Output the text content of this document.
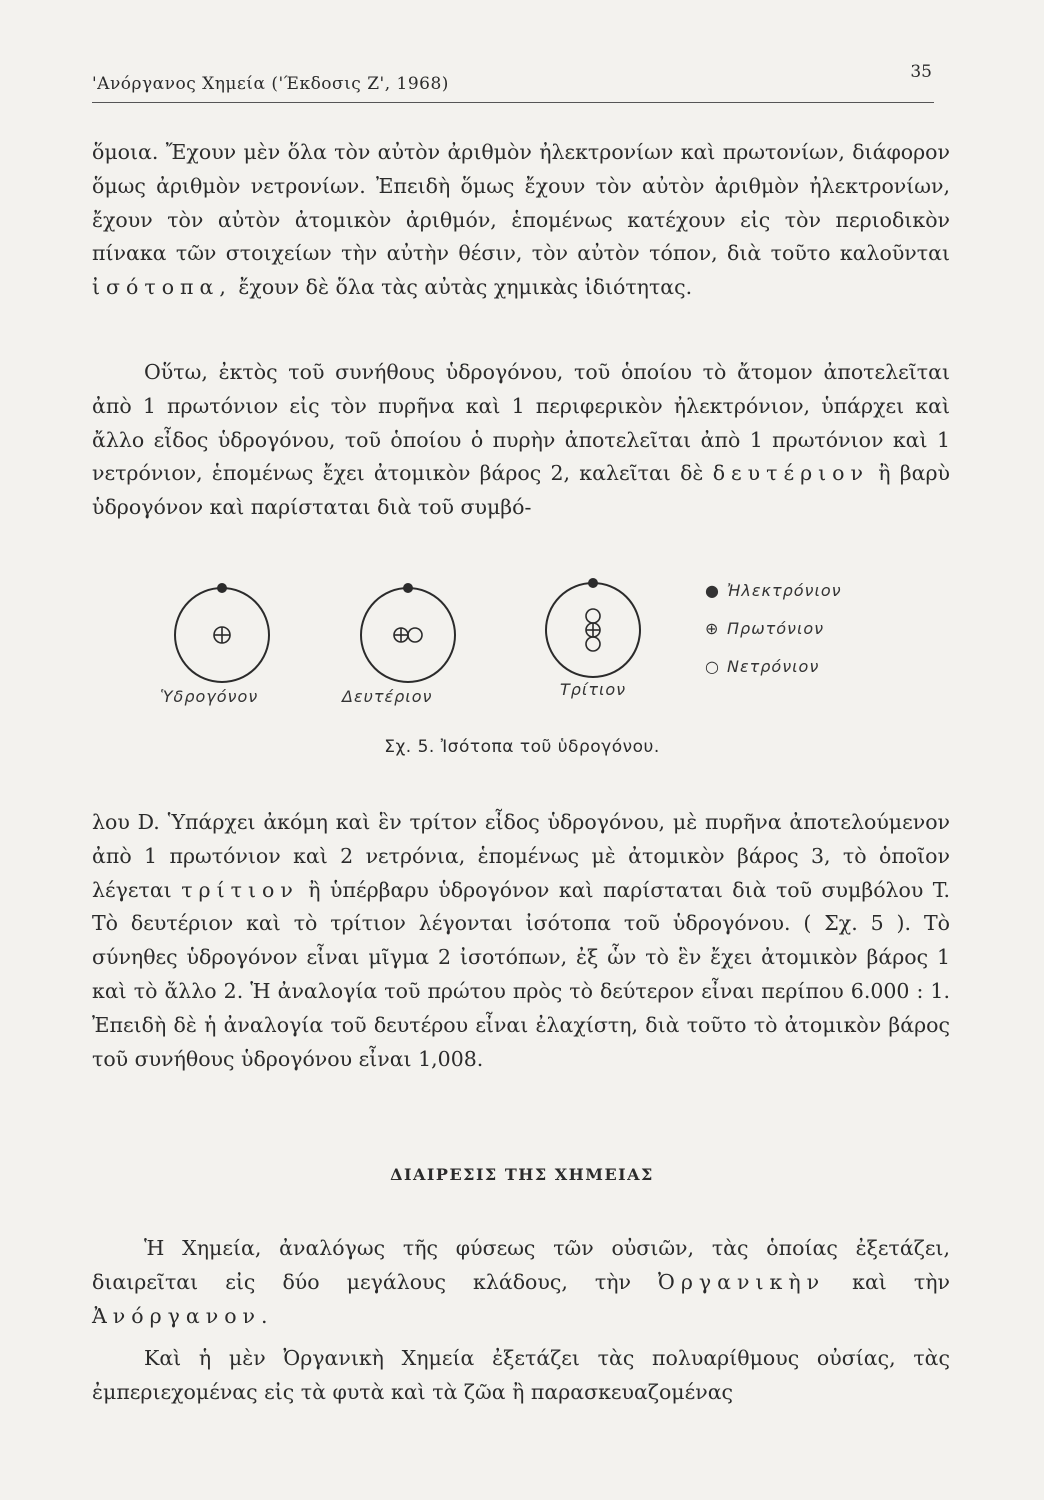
'Ανόργανος Χημεία ('Έκδοσις Ζ', 1968)
35

ὅμοια. Ἔχουν μὲν ὅλα τὸν αὐτὸν ἀριθμὸν ἠλεκτρονίων καὶ πρωτονίων, διάφορον ὅμως ἀριθμὸν νετρονίων. Ἐπειδὴ ὅμως ἔχουν τὸν αὐτὸν ἀριθμὸν ἠλεκτρονίων, ἔχουν τὸν αὐτὸν ἀτομικὸν ἀριθμόν, ἑπομένως κατέχουν εἰς τὸν περιοδικὸν πίνακα τῶν στοιχείων τὴν αὐτὴν θέσιν, τὸν αὐτὸν τόπον, διὰ τοῦτο καλοῦνται ἰσότοπα, ἔχουν δὲ ὅλα τὰς αὐτὰς χημικὰς ἰδιότητας.

Οὕτω, ἐκτὸς τοῦ συνήθους ὑδρογόνου, τοῦ ὁποίου τὸ ἄτομον ἀποτελεῖται ἀπὸ 1 πρωτόνιον εἰς τὸν πυρῆνα καὶ 1 περιφερικὸν ἠλεκτρόνιον, ὑπάρχει καὶ ἄλλο εἶδος ὑδρογόνου, τοῦ ὁποίου ὁ πυρὴν ἀποτελεῖται ἀπὸ 1 πρωτόνιον καὶ 1 νετρόνιον, ἑπομένως ἔχει ἀτομικὸν βάρος 2, καλεῖται δὲ δευτέριον ἢ βαρὺ ὑδρογόνον καὶ παρίσταται διὰ τοῦ συμβό-

Ὑδρογόνον	Δευτέριον	Τρίτιον
● Ἠλεκτρόνιον
⊕ Πρωτόνιον
○ Νετρόνιον
Σχ. 5. Ἰσότοπα τοῦ ὑδρογόνου.

λου D. Ὑπάρχει ἀκόμη καὶ ἓν τρίτον εἶδος ὑδρογόνου, μὲ πυρῆνα ἀποτελούμενον ἀπὸ 1 πρωτόνιον καὶ 2 νετρόνια, ἑπομένως μὲ ἀτομικὸν βάρος 3, τὸ ὁποῖον λέγεται τρίτιον ἢ ὑπέρβαρυ ὑδρογόνον καὶ παρίσταται διὰ τοῦ συμβόλου T. Τὸ δευτέριον καὶ τὸ τρίτιον λέγονται ἰσότοπα τοῦ ὑδρογόνου. ( Σχ. 5 ). Τὸ σύνηθες ὑδρογόνον εἶναι μῖγμα 2 ἰσοτόπων, ἐξ ὧν τὸ ἓν ἔχει ἀτομικὸν βάρος 1 καὶ τὸ ἄλλο 2. Ἡ ἀναλογία τοῦ πρώτου πρὸς τὸ δεύτερον εἶναι περίπου 6.000 : 1. Ἐπειδὴ δὲ ἡ ἀναλογία τοῦ δευτέρου εἶναι ἐλαχίστη, διὰ τοῦτο τὸ ἀτομικὸν βάρος τοῦ συνήθους ὑδρογόνου εἶναι 1,008.

ΔΙΑΙΡΕΣΙΣ ΤΗΣ ΧΗΜΕΙΑΣ

Ἡ Χημεία, ἀναλόγως τῆς φύσεως τῶν οὐσιῶν, τὰς ὁποίας ἐξετάζει, διαιρεῖται εἰς δύο μεγάλους κλάδους, τὴν Ὀργανικὴν καὶ τὴν Ἀνόργανον.

Καὶ ἡ μὲν Ὀργανικὴ Χημεία ἐξετάζει τὰς πολυαρίθμους οὐσίας, τὰς ἐμπεριεχομένας εἰς τὰ φυτὰ καὶ τὰ ζῶα ἢ παρασκευαζομένας
